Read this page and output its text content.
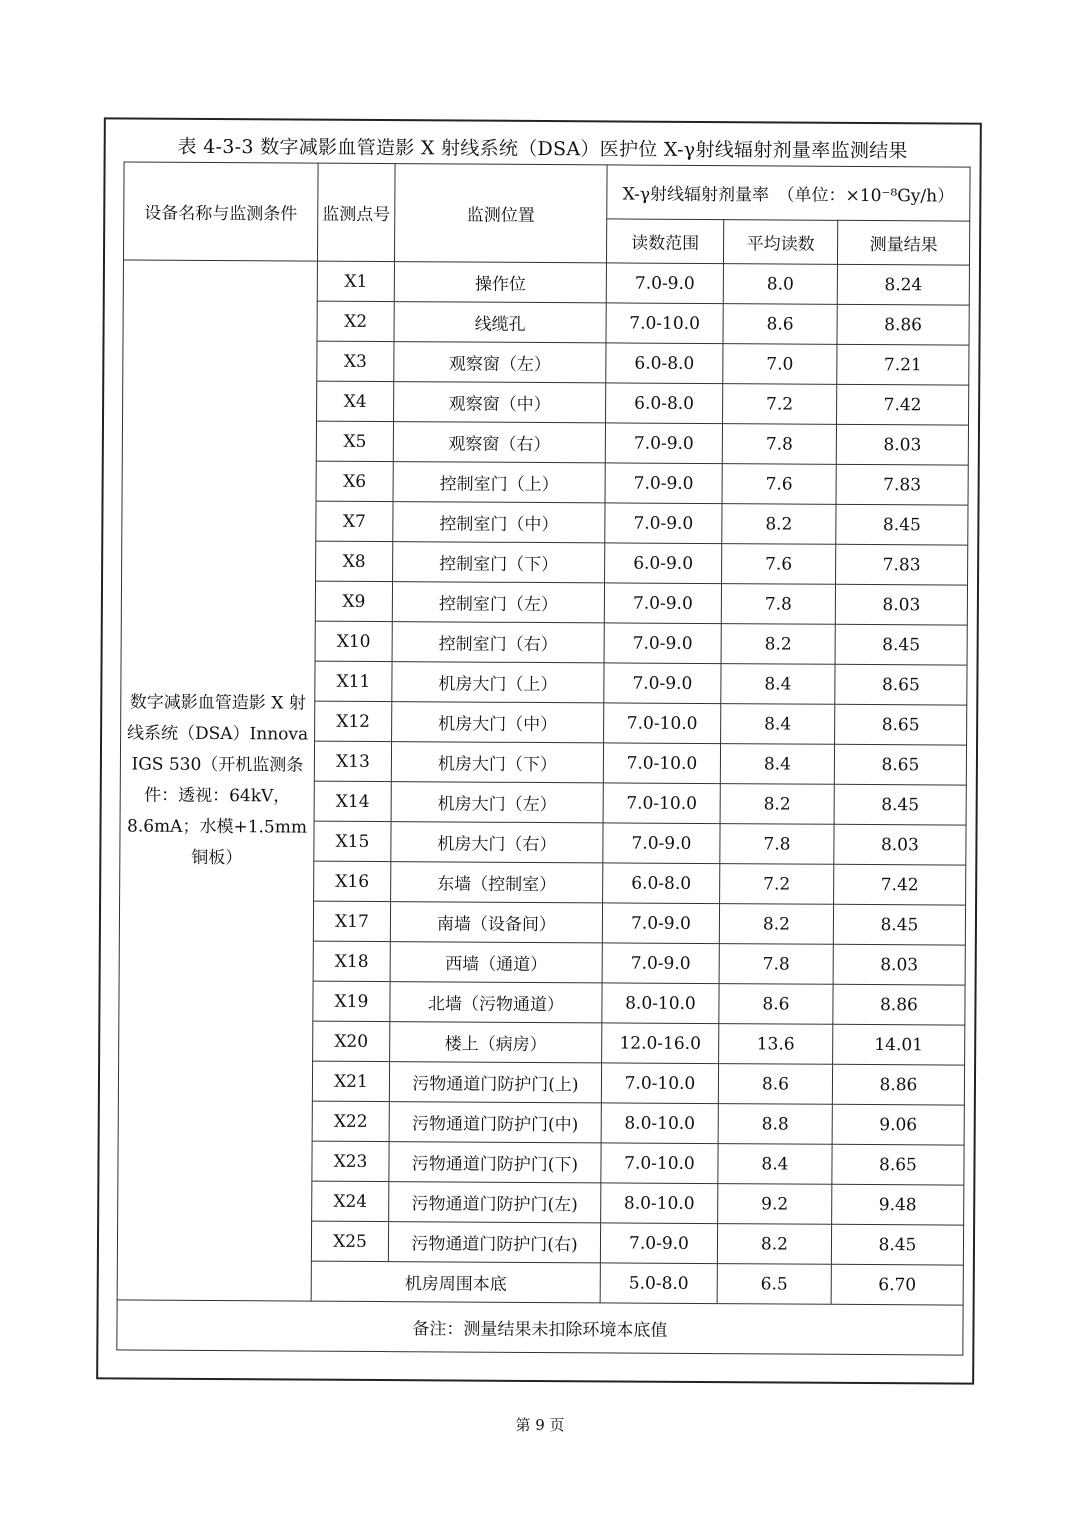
表 4-3-3 数字减影血管造影 X 射线系统（DSA）医护位 X-γ射线辐射剂量率监测结果
设备名称与监测条件	监测点号	监测位置	X-γ射线辐射剂量率　（单位：×10⁻⁸Gy/h）		
			读数范围	平均读数	测量结果
数字减影血管造影 X 射线系统（DSA）Innova IGS 530（开机监测条件：透视：64kV，8.6mA；水模+1.5mm 铜板）	X1	操作位	7.0-9.0	8.0	8.24
	X2	线缆孔	7.0-10.0	8.6	8.86
	X3	观察窗（左）	6.0-8.0	7.0	7.21
	X4	观察窗（中）	6.0-8.0	7.2	7.42
	X5	观察窗（右）	7.0-9.0	7.8	8.03
	X6	控制室门（上）	7.0-9.0	7.6	7.83
	X7	控制室门（中）	7.0-9.0	8.2	8.45
	X8	控制室门（下）	6.0-9.0	7.6	7.83
	X9	控制室门（左）	7.0-9.0	7.8	8.03
	X10	控制室门（右）	7.0-9.0	8.2	8.45
	X11	机房大门（上）	7.0-9.0	8.4	8.65
	X12	机房大门（中）	7.0-10.0	8.4	8.65
	X13	机房大门（下）	7.0-10.0	8.4	8.65
	X14	机房大门（左）	7.0-10.0	8.2	8.45
	X15	机房大门（右）	7.0-9.0	7.8	8.03
	X16	东墙（控制室）	6.0-8.0	7.2	7.42
	X17	南墙（设备间）	7.0-9.0	8.2	8.45
	X18	西墙（通道）	7.0-9.0	7.8	8.03
	X19	北墙（污物通道）	8.0-10.0	8.6	8.86
	X20	楼上（病房）	12.0-16.0	13.6	14.01
	X21	污物通道门防护门(上)	7.0-10.0	8.6	8.86
	X22	污物通道门防护门(中)	8.0-10.0	8.8	9.06
	X23	污物通道门防护门(下)	7.0-10.0	8.4	8.65
	X24	污物通道门防护门(左)	8.0-10.0	9.2	9.48
	X25	污物通道门防护门(右)	7.0-9.0	8.2	8.45
	机房周围本底		5.0-8.0	6.5	6.70
备注：测量结果未扣除环境本底值					
第 9 页
